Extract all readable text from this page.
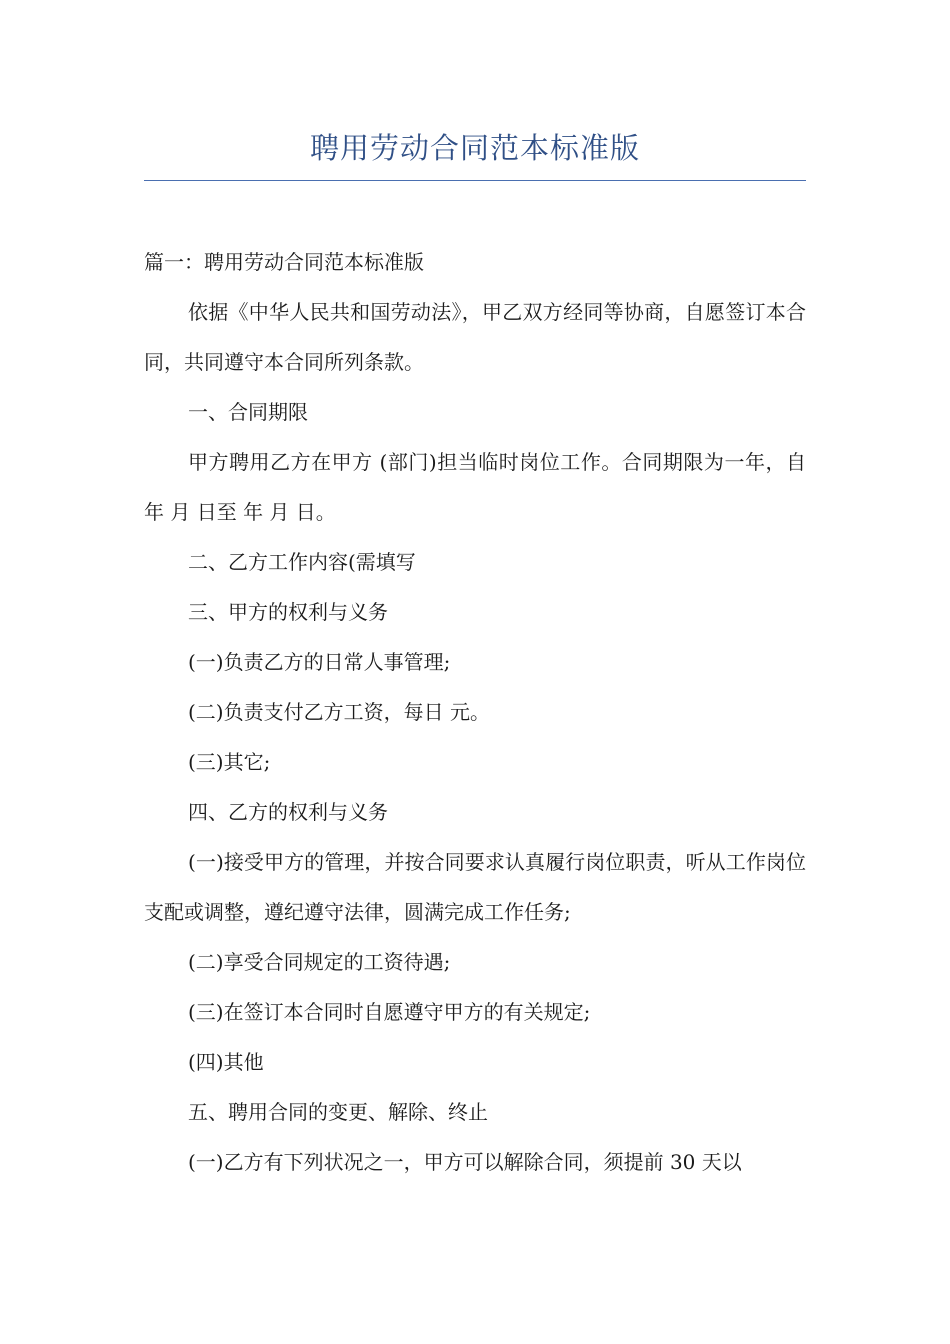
聘用劳动合同范本标准版

篇一：聘用劳动合同范本标准版

依据《中华人民共和国劳动法》，甲乙双方经同等协商，自愿签订本合同，共同遵守本合同所列条款。

一、合同期限

甲方聘用乙方在甲方 (部门)担当临时岗位工作。合同期限为一年，自 年 月 日至 年 月 日。

二、乙方工作内容(需填写

三、甲方的权利与义务

(一)负责乙方的日常人事管理;

(二)负责支付乙方工资，每日 元。

(三)其它;

四、乙方的权利与义务

(一)接受甲方的管理，并按合同要求认真履行岗位职责，听从工作岗位支配或调整，遵纪遵守法律，圆满完成工作任务;

(二)享受合同规定的工资待遇;

(三)在签订本合同时自愿遵守甲方的有关规定;

(四)其他

五、聘用合同的变更、解除、终止

(一)乙方有下列状况之一，甲方可以解除合同，须提前 30 天以
